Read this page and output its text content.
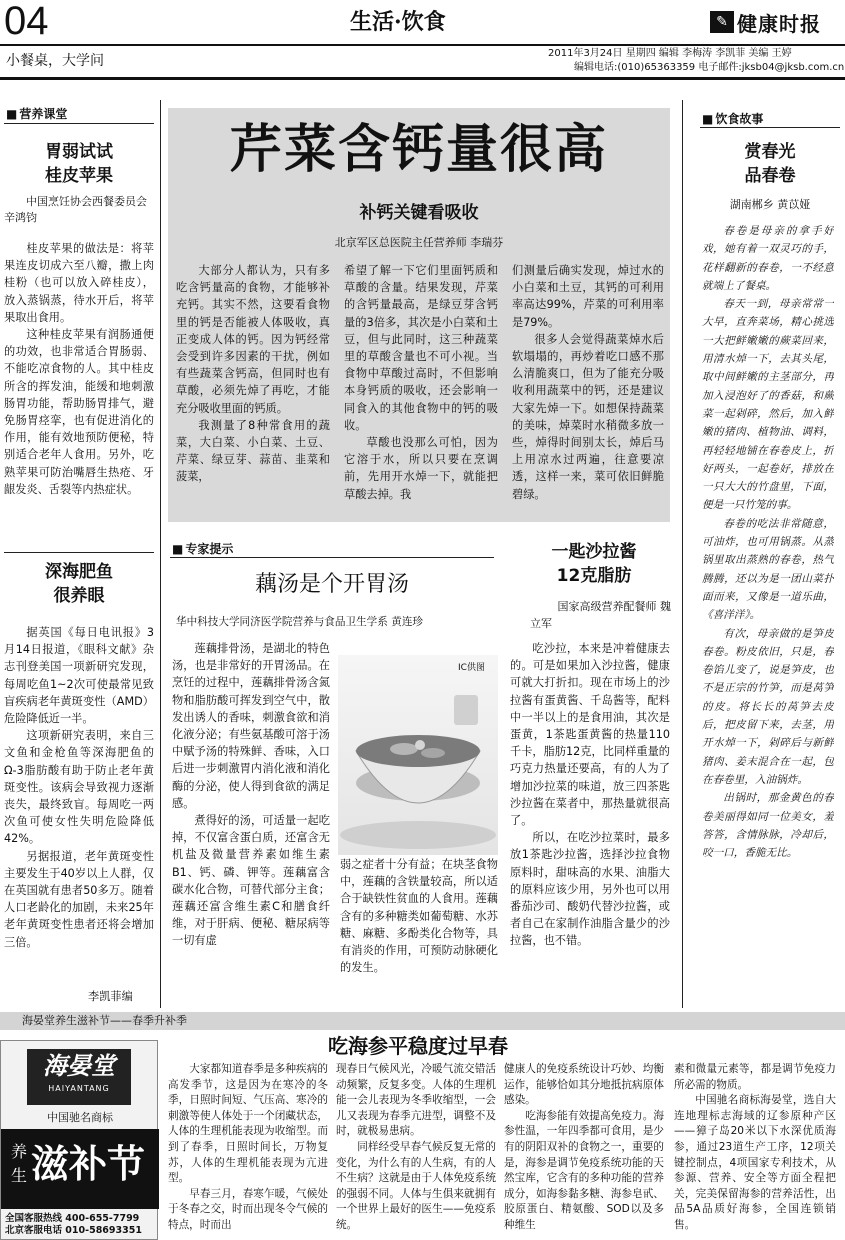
04	生活·饮食	✎ 健康时报
小餐桌，大学问	2011年3月24日 星期四 编辑 李梅涛 李凯菲 美编 王婷
编辑电话:(010)65363359 电子邮件:jksb04@jksb.com.cn
■ 营养课堂
胃弱试试
桂皮苹果
中国烹饪协会西餐委员会 辛鸿钧

桂皮苹果的做法是：将苹果连皮切成六至八瓣，撒上肉桂粉（也可以放入碎桂皮），放入蒸锅蒸，待水开后，将苹果取出食用。

这种桂皮苹果有润肠通便的功效，也非常适合胃肠弱、不能吃凉食物的人。其中桂皮所含的挥发油，能缓和地刺激肠胃功能，帮助肠胃排气，避免肠胃痉挛，也有促进消化的作用，能有效地预防便秘，特别适合老年人食用。另外，吃熟苹果可防治嘴唇生热疮、牙龈发炎、舌裂等内热症状。

深海肥鱼
很养眼

据英国《每日电讯报》3月14日报道，《眼科文献》杂志刊登美国一项新研究发现，每周吃鱼1~2次可使最常见致盲疾病老年黄斑变性（AMD）危险降低近一半。

这项新研究表明，来自三文鱼和金枪鱼等深海肥鱼的Ω-3脂肪酸有助于防止老年黄斑变性。该病会导致视力逐渐丧失，最终致盲。每周吃一两次鱼可使女性失明危险降低42%。

另据报道，老年黄斑变性主要发生于40岁以上人群，仅在英国就有患者50多万。随着人口老龄化的加剧，未来25年老年黄斑变性患者还将会增加三倍。

李凯菲编
芹菜含钙量很高
补钙关键看吸收
北京军区总医院主任营养师 李瑞芬

大部分人都认为，只有多吃含钙量高的食物，才能够补充钙。其实不然，这要看食物里的钙是否能被人体吸收，真正变成人体的钙。因为钙经常会受到许多因素的干扰，例如有些蔬菜含钙高，但同时也有草酸，必须先焯了再吃，才能充分吸收里面的钙质。

我测量了8种常食用的蔬菜，大白菜、小白菜、土豆、芹菜、绿豆芽、蒜苗、韭菜和菠菜，

希望了解一下它们里面钙质和草酸的含量。结果发现，芹菜的含钙量最高，是绿豆芽含钙量的3倍多，其次是小白菜和土豆，但与此同时，这三种蔬菜里的草酸含量也不可小视。当食物中草酸过高时，不但影响本身钙质的吸收，还会影响一同食入的其他食物中的钙的吸收。

草酸也没那么可怕，因为它溶于水，所以只要在烹调前，先用开水焯一下，就能把草酸去掉。我

们测量后确实发现，焯过水的小白菜和土豆，其钙的可利用率高达99%，芹菜的可利用率是79%。

很多人会觉得蔬菜焯水后软塌塌的，再炒着吃口感不那么清脆爽口，但为了能充分吸收利用蔬菜中的钙，还是建议大家先焯一下。如想保持蔬菜的美味，焯菜时水稍微多放一些，焯得时间别太长，焯后马上用凉水过两遍，往意要凉透，这样一来，菜可依旧鲜脆碧绿。

■ 专家提示
藕汤是个开胃汤
华中科技大学同济医学院营养与食品卫生学系 黄连珍

莲藕排骨汤，是湖北的特色汤，也是非常好的开胃汤品。在烹饪的过程中，莲藕排骨汤含氮物和脂肪酸可挥发到空气中，散发出诱人的香味，刺激食欲和消化液分泌；有些氨基酸可溶于汤中赋予汤的特殊鲜、香味，入口后进一步刺激胃内消化液和消化酶的分泌，使人得到食欲的满足感。

煮得好的汤，可适量一起吃掉，不仅富含蛋白质，还富含无机盐及微量营养素如维生素B1、钙、磷、钾等。莲藕富含碳水化合物，可替代部分主食；莲藕还富含维生素C和膳食纤维，对于肝病、便秘、糖尿病等一切有虚

IC供图

弱之症者十分有益；在块茎食物中，莲藕的含铁量较高，所以适合于缺铁性贫血的人食用。莲藕含有的多种糖类如葡萄糖、水苏糖、麻糖、多酚类化合物等，具有消炎的作用，可预防动脉硬化的发生。

一匙沙拉酱
12克脂肪
国家高级营养配餐师 魏立军

吃沙拉，本来是冲着健康去的。可是如果加入沙拉酱，健康可就大打折扣。现在市场上的沙拉酱有蛋黄酱、千岛酱等，配料中一半以上的是食用油，其次是蛋黄，1茶匙蛋黄酱的热量110千卡，脂肪12克，比同样重量的巧克力热量还要高，有的人为了增加沙拉菜的味道，放三四茶匙沙拉酱在菜者中，那热量就很高了。

所以，在吃沙拉菜时，最多放1茶匙沙拉酱，选择沙拉食物原料时，甜味高的水果、油脂大的原料应该少用，另外也可以用番茄沙司、酸奶代替沙拉酱，或者自己在家制作油脂含量少的沙拉酱，也不错。

■ 饮食故事
赏春光
品春卷
湖南郴乡 黄苡娅

春卷是母亲的拿手好戏，她有着一双灵巧的手，花样翻新的春卷，一不经意就端上了餐桌。

春天一到，母亲常常一大早，直奔菜场，精心挑选一大把鲜嫩嫩的蕨菜回来，用清水焯一下，去其头尾，取中间鲜嫩的主茎部分，再加入浸泡好了的香菇，和蕨菜一起剁碎，然后，加入鲜嫩的猪肉、植物油、调料，再轻轻地铺在春卷皮上，折好两头，一起卷好，排放在一只大大的竹盘里，下面，便是一只竹笼的事。

春卷的吃法非常随意，可油炸，也可用锅蒸。从蒸锅里取出蒸熟的春卷，热气腾腾，还以为是一团山菜扑面而来，又像是一道乐曲，《喜洋洋》。

有次，母亲做的是笋皮春卷。粉皮依旧，只是，春卷馅儿变了，说是笋皮，也不是正宗的竹笋，而是莴笋的皮。将长长的莴笋去皮后，把皮留下来，去茎，用开水焯一下，剁碎后与新鲜猪肉、姜末混合在一起，包在春卷里，入油锅炸。

出锅时，那金黄色的春卷美丽得如同一位美女，羞答答，含情脉脉，冷却后，咬一口，香脆无比。

海晏堂养生滋补节——春季升补季
吃海参平稳度过早春
海晏堂
HAIYANTANG
中国驰名商标
养
生 滋补节
全国客服热线 400-655-7799
北京客服电话 010-58693351

大家都知道春季是多种疾病的高发季节，这是因为在寒冷的冬季，日照时间短、气压高、寒冷的刺激等使人体处于一个闭藏状态，人体的生理机能表现为收缩型。而到了春季，日照时间长，万物复苏，人体的生理机能表现为亢进型。

早春三月，春寒乍暖，气候处于冬春之交，时而出现冬令气候的特点，时而出

现春日气候风光，冷暖气流交错活动频繁，反复多变。人体的生理机能一会儿表现为冬季收缩型，一会儿又表现为春季亢进型，调整不及时，就极易患病。

同样经受早春气候反复无常的变化，为什么有的人生病，有的人不生病？这就是由于人体免疫系统的强弱不同。人体与生俱来就拥有一个世界上最好的医生——免疫系统。

健康人的免疫系统设计巧妙、均衡运作，能够恰如其分地抵抗病原体感染。

吃海参能有效提高免疫力。海参性温，一年四季都可食用，是少有的阴阳双补的食物之一，重要的是，海参是调节免疫系统功能的天然宝库，它含有的多种功能的营养成分，如海参黏多糖、海参皂甙、胶原蛋白、精氨酸、SOD以及多种维生

素和微量元素等，都是调节免疫力所必需的物质。

中国驰名商标海晏堂，选自大连地理标志海域的辽参原种产区——獐子岛20米以下水深优质海参，通过23道生产工序，12项关键控制点，4项国家专利技术，从参源、营养、安全等方面全程把关，完美保留海参的营养活性，出品5A品质好海参，全国连锁销售。
